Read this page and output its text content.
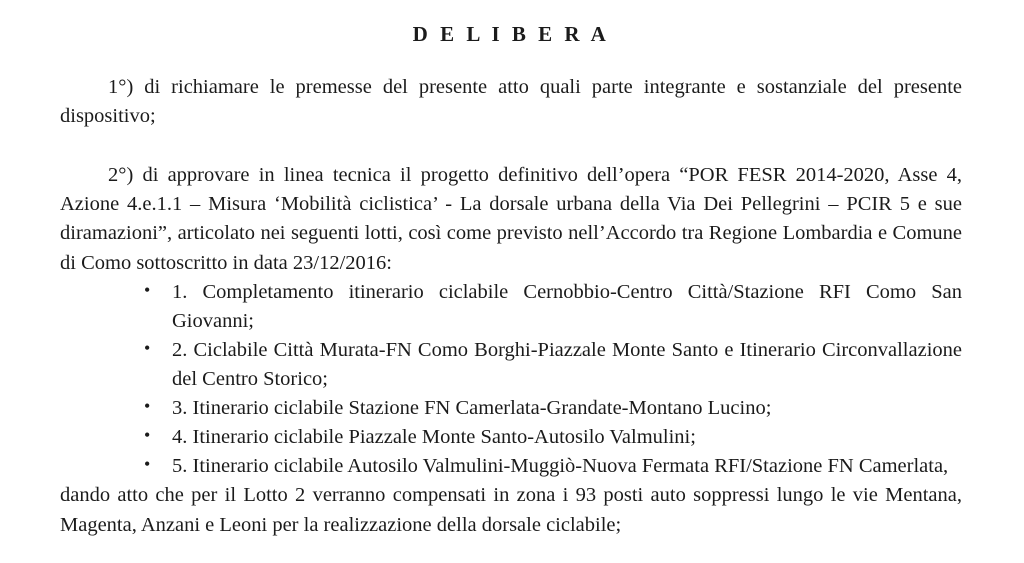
D E L I B E R A

1°) di richiamare le premesse del presente atto quali parte integrante e sostanziale del presente dispositivo;

2°) di approvare in linea tecnica il progetto definitivo dell’opera “POR FESR 2014-2020, Asse 4, Azione 4.e.1.1 – Misura ‘Mobilità ciclistica’ - La dorsale urbana della Via Dei Pellegrini – PCIR 5 e sue diramazioni”, articolato nei seguenti lotti, così come previsto nell’Accordo tra Regione Lombardia e Comune di Como sottoscritto in data 23/12/2016:

• 1. Completamento itinerario ciclabile Cernobbio-Centro Città/Stazione RFI Como San Giovanni;
• 2. Ciclabile Città Murata-FN Como Borghi-Piazzale Monte Santo e Itinerario Circonvallazione del Centro Storico;
• 3. Itinerario ciclabile Stazione FN Camerlata-Grandate-Montano Lucino;
• 4. Itinerario ciclabile Piazzale Monte Santo-Autosilo Valmulini;
• 5. Itinerario ciclabile Autosilo Valmulini-Muggiò-Nuova Fermata RFI/Stazione FN Camerlata,

dando atto che per il Lotto 2 verranno compensati in zona i 93 posti auto soppressi lungo le vie Mentana, Magenta, Anzani e Leoni per la realizzazione della dorsale ciclabile;
